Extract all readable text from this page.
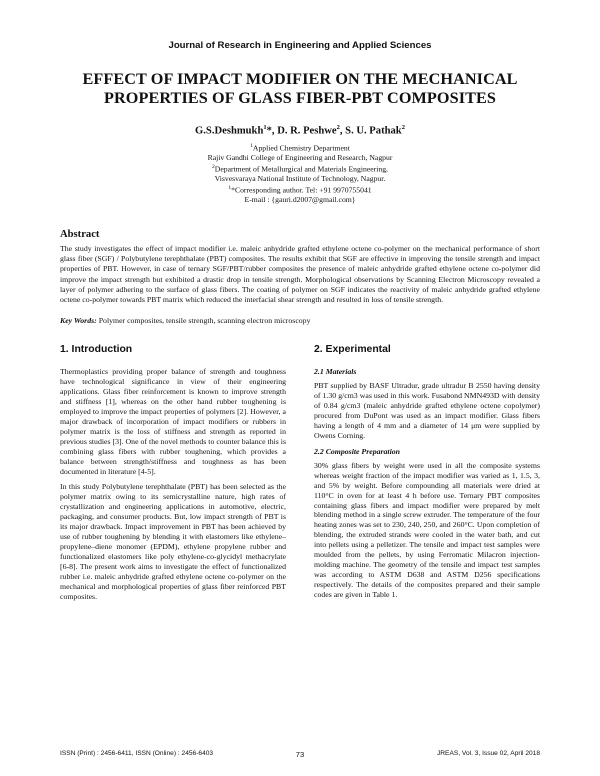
Journal of Research in Engineering and Applied Sciences
EFFECT OF IMPACT MODIFIER ON THE MECHANICAL
PROPERTIES OF GLASS FIBER-PBT COMPOSITES
G.S.Deshmukh$^1$*, D. R. Peshwe$^2$, S. U. Pathak$^2$
$^1$Applied Chemistry Department
Rajiv Gandhi College of Engineering and Research, Nagpur
$^2$Department of Metallurgical and Materials Engineering,
Visvesvaraya National Institute of Technology, Nagpur.
$^1$*Corresponding author. Tel: +91 9970755041
E-mail : {gauri.d2007@gmail.com}
Abstract
The study investigates the effect of impact modifier i.e. maleic anhydride grafted ethylene octene co-polymer on the mechanical performance of short glass fiber (SGF) / Polybutylene terephthalate (PBT) composites. The results exhibit that SGF are effective in improving the tensile strength and impact properties of PBT. However, in case of ternary SGF/PBT/rubber composites the presence of maleic anhydride grafted ethylene octene co-polymer did improve the impact strength but exhibited a drastic drop in tensile strength. Morphological observations by Scanning Electron Microscopy revealed a layer of polymer adhering to the surface of glass fibers. The coating of polymer on SGF indicates the reactivity of maleic anhydride grafted ethylene octene co-polymer towards PBT matrix which reduced the interfacial shear strength and resulted in loss of tensile strength.
Key Words: Polymer composites, tensile strength, scanning electron microscopy
1. Introduction

Thermoplastics providing proper balance of strength and toughness have technological significance in view of their engineering applications. Glass fiber reinforcement is known to improve strength and stiffness [1], whereas on the other hand rubber toughening is employed to improve the impact properties of polymers [2]. However, a major drawback of incorporation of impact modifiers or rubbers in polymer matrix is the loss of stiffness and strength as reported in previous studies [3]. One of the novel methods to counter balance this is combining glass fibers with rubber toughening, which provides a balance between strength/stiffness and toughness as has been documented in literature [4-5].

In this study Polybutylene terephthalate (PBT) has been selected as the polymer matrix owing to its semicrystalline nature, high rates of crystallization and engineering applications in automotive, electric, packaging, and consumer products. But, low impact strength of PBT is its major drawback. Impact improvement in PBT has been achieved by use of rubber toughening by blending it with elastomers like ethylene–propylene–diene monomer (EPDM), ethylene propylene rubber and functionalized elastomers like poly ethylene-co-glycidyl methacrylate [6-8]. The present work aims to investigate the effect of functionalized rubber i.e. maleic anhydride grafted ethylene octene co-polymer on the mechanical and morphological properties of glass fiber reinforced PBT composites.

2. Experimental
2.1 Materials

PBT supplied by BASF Ultradur, grade ultradur B 2550 having density of 1.30 g/cm3 was used in this work. Fusabond NMN493D with density of 0.84 g/cm3 (maleic anhydride grafted ethylene octene copolymer) procured from DuPont was used as an impact modifier. Glass fibers having a length of 4 mm and a diameter of 14 μm were supplied by Owens Corning.

2.2 Composite Preparation

30% glass fibers by weight were used in all the composite systems whereas weight fraction of the impact modifier was varied as 1, 1.5, 3, and 5% by weight. Before compounding all materials were dried at 110°C in oven for at least 4 h before use. Ternary PBT composites containing glass fibers and impact modifier were prepared by melt blending method in a single screw extruder. The temperature of the four heating zones was set to 230, 240, 250, and 260°C. Upon completion of blending, the extruded strands were cooled in the water bath, and cut into pellets using a pelletizer. The tensile and impact test samples were moulded from the pellets, by using Ferromatic Milacron injection-molding machine. The geometry of the tensile and impact test samples was according to ASTM D638 and ASTM D256 specifications respectively. The details of the composites prepared and their sample codes are given in Table 1.

ISSN (Print) : 2456-6411, ISSN (Online) : 2456-6403	73	JREAS, Vol. 3, Issue 02, April 2018
